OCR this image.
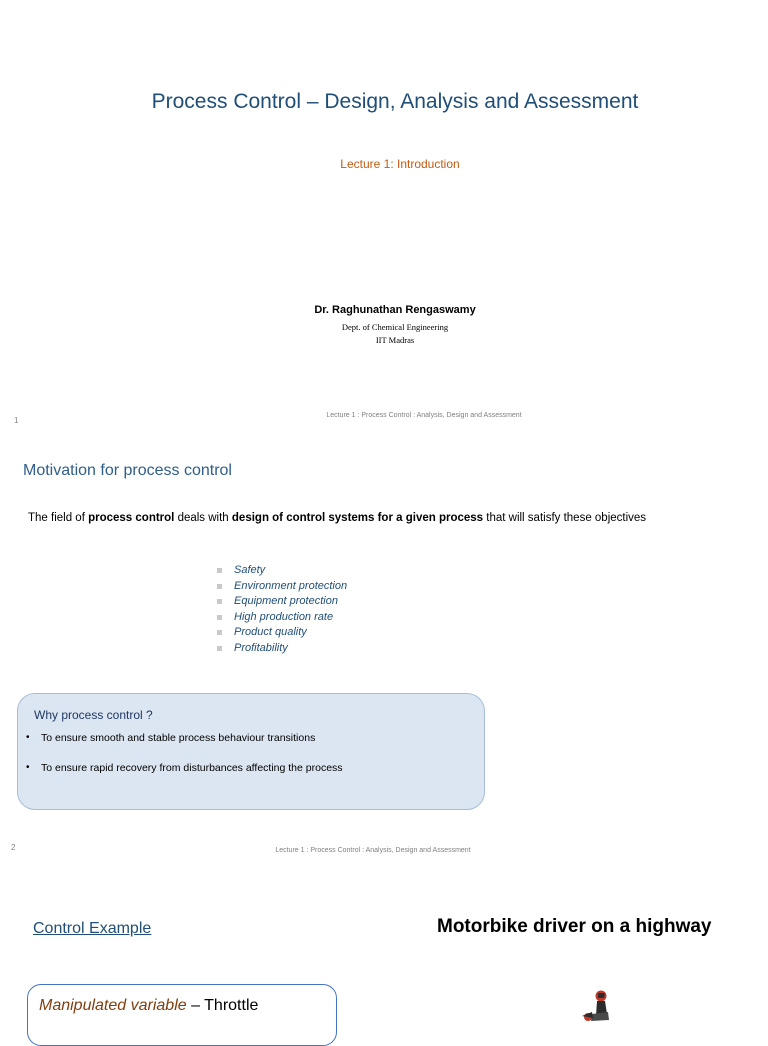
Process Control – Design, Analysis and Assessment
Lecture 1: Introduction
Dr. Raghunathan Rengaswamy
Dept. of Chemical Engineering
IIT Madras
1
Lecture 1 : Process Control : Analysis, Design and Assessment
Motivation for process control
The field of process control deals with design of control systems for a given process that will satisfy these objectives
Safety
Environment protection
Equipment protection
High production rate
Product quality
Profitability
Why process control ?
• To ensure smooth and stable process behaviour transitions
• To ensure rapid recovery from disturbances affecting the process
2	Lecture 1 : Process Control : Analysis, Design and Assessment
Control Example	Motorbike driver on a highway
Manipulated variable – Throttle
